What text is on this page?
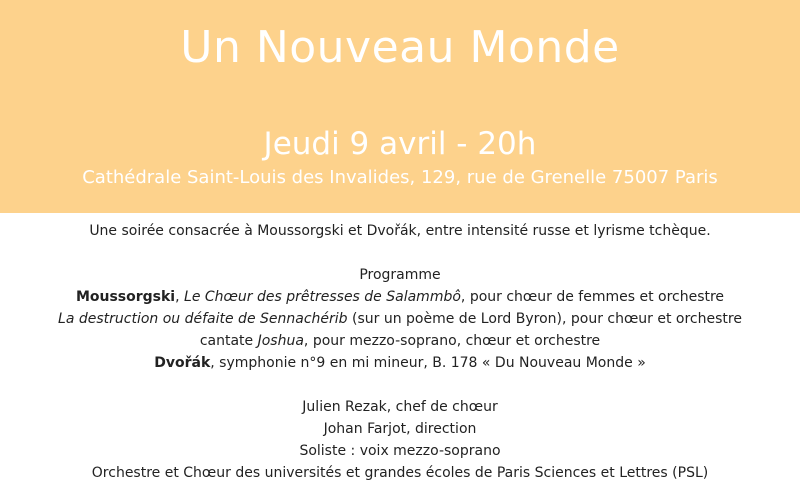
Un Nouveau Monde
Jeudi 9 avril - 20h
Cathédrale Saint-Louis des Invalides, 129, rue de Grenelle 75007 Paris
Une soirée consacrée à Moussorgski et Dvořák, entre intensité russe et lyrisme tchèque.
Programme
Moussorgski, Le Chœur des prêtresses de Salammbô, pour chœur de femmes et orchestre
La destruction ou défaite de Sennachérib (sur un poème de Lord Byron), pour chœur et orchestre
cantate Joshua, pour mezzo-soprano, chœur et orchestre
Dvořák, symphonie n°9 en mi mineur, B. 178 « Du Nouveau Monde »
Julien Rezak, chef de chœur
Johan Farjot, direction
Soliste : voix mezzo-soprano
Orchestre et Chœur des universités et grandes écoles de Paris Sciences et Lettres (PSL)
